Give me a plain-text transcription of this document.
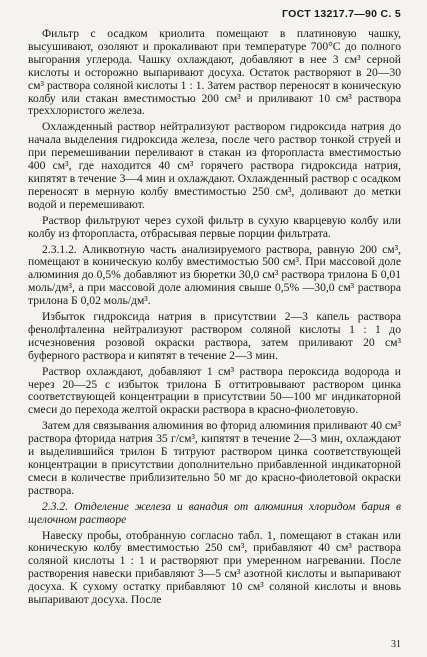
ГОСТ 13217.7—90 С. 5

Фильтр с осадком криолита помещают в платиновую чашку, высушивают, озоляют и прокаливают при температуре 700°С до полного выгорания углерода. Чашку охлаждают, добавляют в нее 3 см³ серной кислоты и осторожно выпаривают досуха. Остаток растворяют в 20—30 см³ раствора соляной кислоты 1 : 1. Затем раствор переносят в коническую колбу или стакан вместимостью 200 см³ и приливают 10 см³ раствора треххлористого железа.

Охлажденный раствор нейтрализуют раствором гидроксида натрия до начала выделения гидроксида железа, после чего раствор тонкой струей и при перемешивании переливают в стакан из фторопласта вместимостью 400 см³, где находится 40 см³ горячего раствора гидроксида натрия, кипятят в течение 3—4 мин и охлаждают. Охлажденный раствор с осадком переносят в мерную колбу вместимостью 250 см³, доливают до метки водой и перемешивают.

Раствор фильтруют через сухой фильтр в сухую кварцевую колбу или колбу из фторопласта, отбрасывая первые порции фильтрата.

2.3.1.2. Аликвотную часть анализируемого раствора, равную 200 см³, помещают в коническую колбу вместимостью 500 см³. При массовой доле алюминия до 0,5% добавляют из бюретки 30,0 см³ раствора трилона Б 0,01 моль/дм³, а при массовой доле алюминия свыше 0,5% —30,0 см³ раствора трилона Б 0,02 моль/дм³.

Избыток гидроксида натрия в присутствии 2—3 капель раствора фенолфталеина нейтрализуют раствором соляной кислоты 1 : 1 до исчезновения розовой окраски раствора, затем приливают 20 см³ буферного раствора и кипятят в течение 2—3 мин.

Раствор охлаждают, добавляют 1 см³ раствора пероксида водорода и через 20—25 с избыток трилона Б оттитровывают раствором цинка соответствующей концентрации в присутствии 50—100 мг индикаторной смеси до перехода желтой окраски раствора в красно-фиолетовую.

Затем для связывания алюминия во фторид алюминия приливают 40 см³ раствора фторида натрия 35 г/см³, кипятят в течение 2—3 мин, охлаждают и выделившийся трилон Б титруют раствором цинка соответствующей концентрации в присутствии дополнительно прибавленной индикаторной смеси в количестве приблизительно 50 мг до красно-фиолетовой окраски раствора.

2.3.2. Отделение железа и ванадия от алюминия хлоридом бария в щелочном растворе

Навеску пробы, отобранную согласно табл. 1, помещают в стакан или коническую колбу вместимостью 250 см³, прибавляют 40 см³ раствора соляной кислоты 1 : 1 и растворяют при умеренном нагревании. После растворения навески прибавляют 3—5 см³ азотной кислоты и выпаривают досуха. К сухому остатку прибавляют 10 см³ соляной кислоты и вновь выпаривают досуха. После

31
